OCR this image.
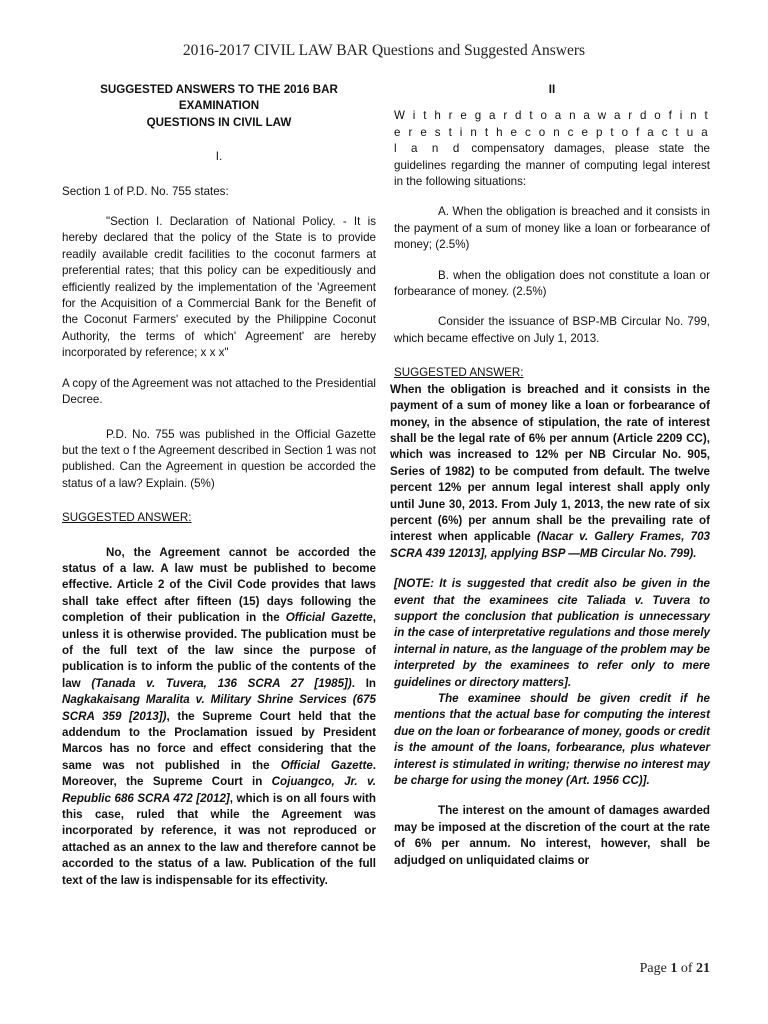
2016-2017 CIVIL LAW BAR Questions and Suggested Answers

SUGGESTED ANSWERS TO THE 2016 BAR EXAMINATION
QUESTIONS IN CIVIL LAW

I.

Section 1 of P.D. No. 755 states:

"Section I. Declaration of National Policy. - It is hereby declared that the policy of the State is to provide readily available credit facilities to the coconut farmers at preferential rates; that this policy can be expeditiously and efficiently realized by the implementation of the 'Agreement for the Acquisition of a Commercial Bank for the Benefit of the Coconut Farmers' executed by the Philippine Coconut Authority, the terms of which' Agreement' are hereby incorporated by reference; x x x"

A copy of the Agreement was not attached to the Presidential Decree.

P.D. No. 755 was published in the Official Gazette but the text o f the Agreement described in Section 1 was not published. Can the Agreement in question be accorded the status of a law? Explain. (5%)

SUGGESTED ANSWER:

No, the Agreement cannot be accorded the status of a law. A law must be published to become effective. Article 2 of the Civil Code provides that laws shall take effect after fifteen (15) days following the completion of their publication in the Official Gazette, unless it is otherwise provided. The publication must be of the full text of the law since the purpose of publication is to inform the public of the contents of the law (Tanada v. Tuvera, 136 SCRA 27 [1985]). In Nagkakaisang Maralita v. Military Shrine Services (675 SCRA 359 [2013]), the Supreme Court held that the addendum to the Proclamation issued by President Marcos has no force and effect considering that the same was not published in the Official Gazette. Moreover, the Supreme Court in Cojuangco, Jr. v. Republic 686 SCRA 472 [2012], which is on all fours with this case, ruled that while the Agreement was incorporated by reference, it was not reproduced or attached as an annex to the law and therefore cannot be accorded to the status of a law. Publication of the full text of the law is indispensable for its effectivity.

II

W i t h r e g a r d t o a n a w a r d o f i n t e r e s t i n t h e c o n c e p t o f a c t u a l a n d compensatory damages, please state the guidelines regarding the manner of computing legal interest in the following situations:

A. When the obligation is breached and it consists in the payment of a sum of money like a loan or forbearance of money; (2.5%)

B. when the obligation does not constitute a loan or forbearance of money. (2.5%)

Consider the issuance of BSP-MB Circular No. 799, which became effective on July 1, 2013.

SUGGESTED ANSWER:

When the obligation is breached and it consists in the payment of a sum of money like a loan or forbearance of money, in the absence of stipulation, the rate of interest shall be the legal rate of 6% per annum (Article 2209 CC), which was increased to 12% per NB Circular No. 905, Series of 1982) to be computed from default. The twelve percent 12% per annum legal interest shall apply only until June 30, 2013. From July 1, 2013, the new rate of six percent (6%) per annum shall be the prevailing rate of interest when applicable (Nacar v. Gallery Frames, 703 SCRA 439 12013], applying BSP —MB Circular No. 799).

[NOTE: It is suggested that credit also be given in the event that the examinees cite Taliada v. Tuvera to support the conclusion that publication is unnecessary in the case of interpretative regulations and those merely internal in nature, as the language of the problem may be interpreted by the examinees to refer only to mere guidelines or directory matters].

The examinee should be given credit if he mentions that the actual base for computing the interest due on the loan or forbearance of money, goods or credit is the amount of the loans, forbearance, plus whatever interest is stimulated in writing; therwise no interest may be charge for using the money (Art. 1956 CC)].

The interest on the amount of damages awarded may be imposed at the discretion of the court at the rate of 6% per annum. No interest, however, shall be adjudged on unliquidated claims or

Page 1 of 21
